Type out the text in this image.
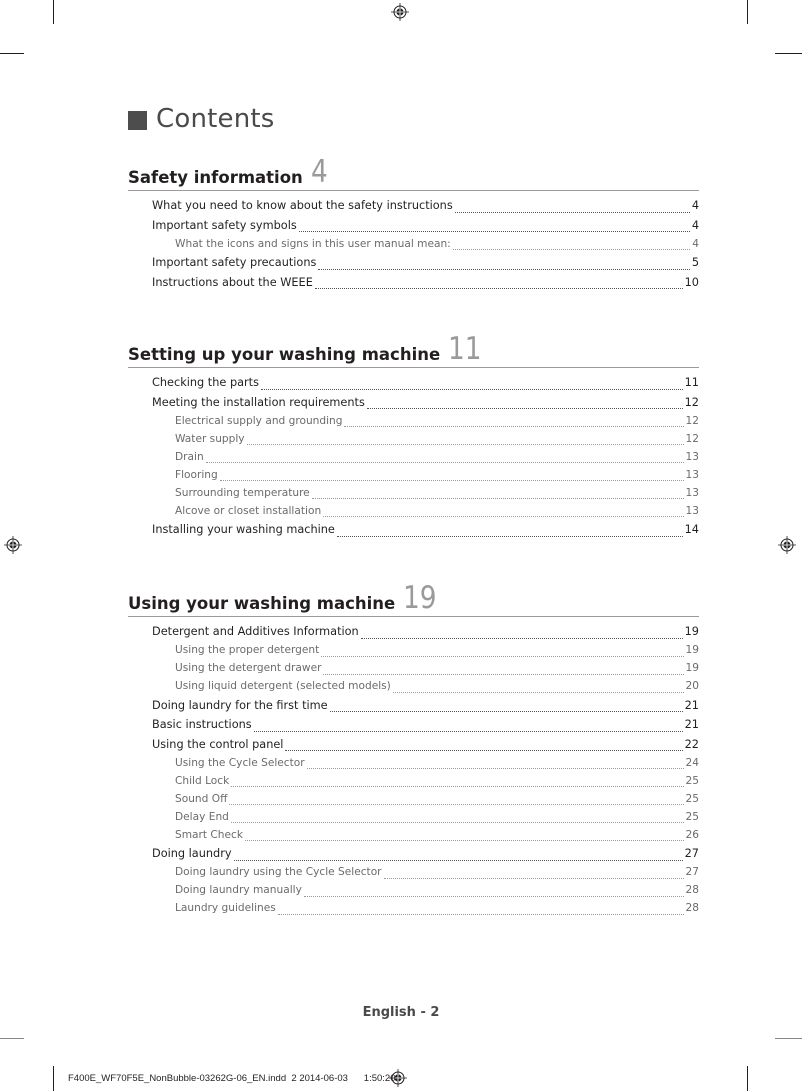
Contents
Safety information 4
What you need to know about the safety instructions	4
Important safety symbols	4
What the icons and signs in this user manual mean:	4
Important safety precautions	5
Instructions about the WEEE	10
Setting up your washing machine 11
Checking the parts	11
Meeting the installation requirements	12
Electrical supply and grounding	12
Water supply	12
Drain	13
Flooring	13
Surrounding temperature	13
Alcove or closet installation	13
Installing your washing machine	14
Using your washing machine 19
Detergent and Additives Information	19
Using the proper detergent	19
Using the detergent drawer	19
Using liquid detergent (selected models)	20
Doing laundry for the first time	21
Basic instructions	21
Using the control panel	22
Using the Cycle Selector	24
Child Lock	25
Sound Off	25
Delay End	25
Smart Check	26
Doing laundry	27
Doing laundry using the Cycle Selector	27
Doing laundry manually	28
Laundry guidelines	28
English - 2
F400E_WF70F5E_NonBubble-03262G-06_EN.indd 2 2014-06-03 1:50:20
